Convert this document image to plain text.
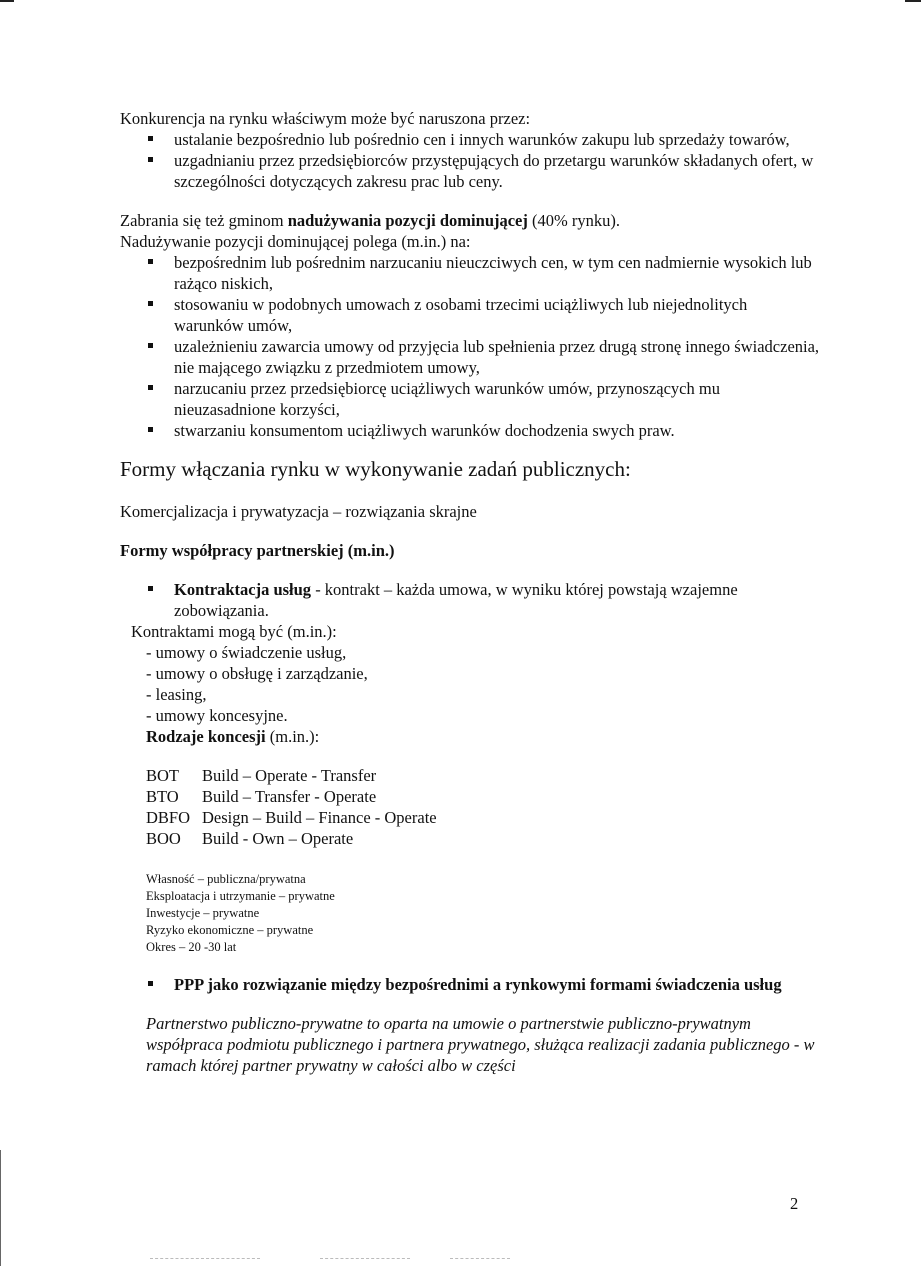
Konkurencja na rynku właściwym może być naruszona przez:

ustalanie bezpośrednio lub pośrednio cen i innych warunków zakupu lub sprzedaży towarów,
uzgadnianiu przez przedsiębiorców przystępujących do przetargu warunków składanych ofert, w szczególności dotyczących zakresu prac lub ceny.

Zabrania się też gminom nadużywania pozycji dominującej (40% rynku).

Nadużywanie pozycji dominującej polega (m.in.) na:

bezpośrednim lub pośrednim narzucaniu nieuczciwych cen, w tym cen nadmiernie wysokich lub rażąco niskich,
stosowaniu w podobnych umowach z osobami trzecimi uciążliwych lub niejednolitych warunków umów,
uzależnieniu zawarcia umowy od przyjęcia lub spełnienia przez drugą stronę innego świadczenia, nie mającego związku z przedmiotem umowy,
narzucaniu przez przedsiębiorcę uciążliwych warunków umów, przynoszących mu nieuzasadnione korzyści,
stwarzaniu konsumentom uciążliwych warunków dochodzenia swych praw.
Formy włączania rynku w wykonywanie zadań publicznych:

Komercjalizacja i prywatyzacja – rozwiązania skrajne

Formy współpracy partnerskiej (m.in.)

Kontraktacja usług - kontrakt – każda umowa, w wyniku której powstają wzajemne zobowiązania.

Kontraktami mogą być (m.in.):

- umowy o świadczenie usług,
- umowy o obsługę i zarządzanie,
- leasing,
- umowy koncesyjne.
Rodzaje koncesji (m.in.):
BOT	Build – Operate - Transfer
BTO	Build – Transfer - Operate
DBFO Design – Build – Finance - Operate
BOO	Build - Own – Operate
Własność – publiczna/prywatna
Eksploatacja i utrzymanie – prywatne
Inwestycje – prywatne
Ryzyko ekonomiczne – prywatne
Okres – 20 -30 lat
PPP jako rozwiązanie między bezpośrednimi a rynkowymi formami świadczenia usług

Partnerstwo publiczno-prywatne to oparta na umowie o partnerstwie publiczno-prywatnym współpraca podmiotu publicznego i partnera prywatnego, służąca realizacji zadania publicznego - w ramach której partner prywatny w całości albo w części

2
